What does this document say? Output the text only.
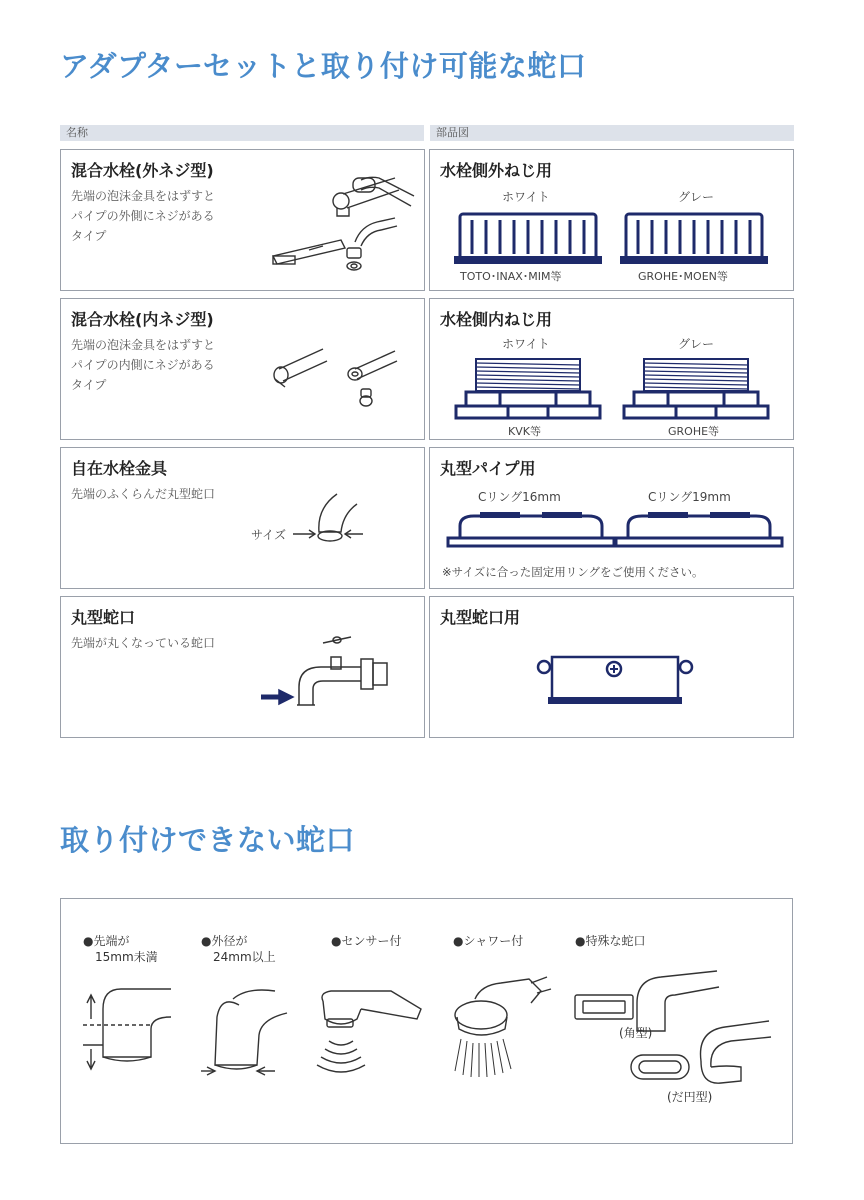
アダプターセットと取り付け可能な蛇口
名称	部品図
混合水栓(外ネジ型)
先端の泡沫金具をはずすと
パイプの外側にネジがある
タイプ
水栓側外ねじ用
ホワイト	グレー
TOTO･INAX･MIM等	GROHE･MOEN等
混合水栓(内ネジ型)
先端の泡沫金具をはずすと
パイプの内側にネジがある
タイプ
水栓側内ねじ用
ホワイト	グレー
KVK等	GROHE等
自在水栓金具
先端のふくらんだ丸型蛇口
サイズ
丸型パイプ用
Cリング16mm	Cリング19mm
※サイズに合った固定用リングをご使用ください。
丸型蛇口
先端が丸くなっている蛇口
丸型蛇口用
取り付けできない蛇口
●先端が
15mm未満
●外径が
24mm以上
●センサー付	●シャワー付	●特殊な蛇口
(角型)
(だ円型)
